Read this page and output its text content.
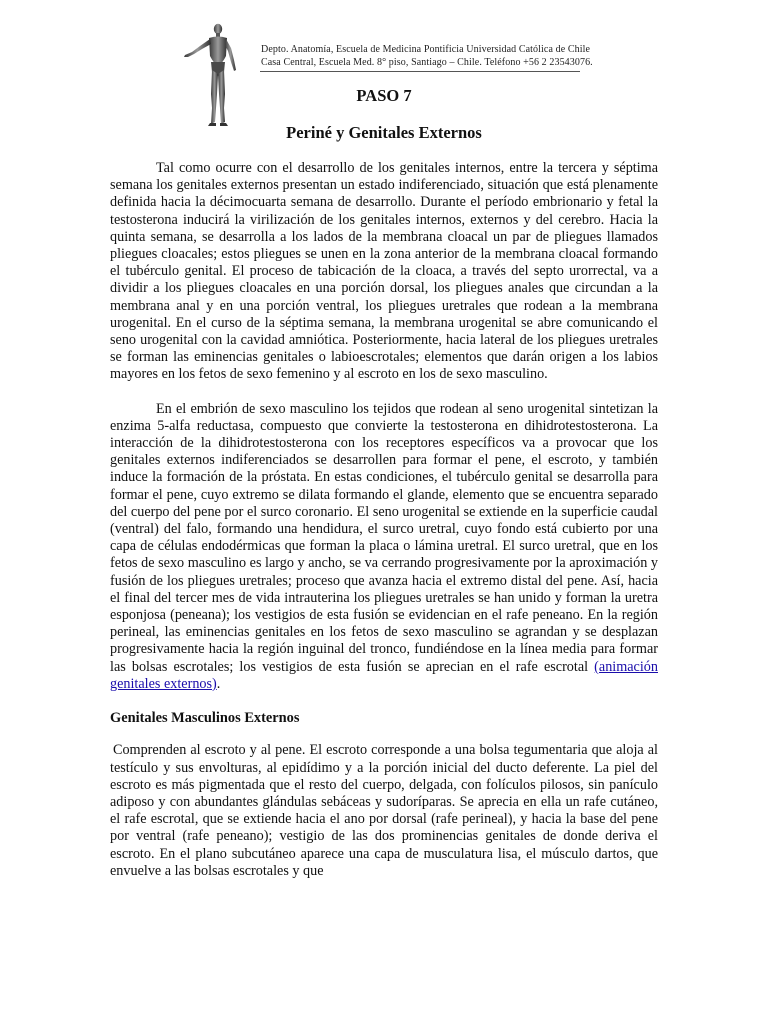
Depto. Anatomía, Escuela de Medicina Pontificia Universidad Católica de Chile
Casa Central, Escuela Med. 8° piso, Santiago – Chile. Teléfono +56 2 23543076.
PASO 7
Periné y Genitales Externos

Tal como ocurre con el desarrollo de los genitales internos, entre la tercera y séptima semana los genitales externos presentan un estado indiferenciado, situación que está plenamente definida hacia la décimocuarta semana de desarrollo. Durante el período embrionario y fetal la testosterona inducirá la virilización de los genitales internos, externos y del cerebro. Hacia la quinta semana, se desarrolla a los lados de la membrana cloacal un par de pliegues llamados pliegues cloacales; estos pliegues se unen en la zona anterior de la membrana cloacal formando el tubérculo genital. El proceso de tabicación de la cloaca, a través del septo urorrectal, va a dividir a los pliegues cloacales en una porción dorsal, los pliegues anales que circundan a la membrana anal y en una porción ventral, los pliegues uretrales que rodean a la membrana urogenital. En el curso de la séptima semana, la membrana urogenital se abre comunicando el seno urogenital con la cavidad amniótica. Posteriormente, hacia lateral de los pliegues uretrales se forman las eminencias genitales o labioescrotales; elementos que darán origen a los labios mayores en los fetos de sexo femenino y al escroto en los de sexo masculino.

En el embrión de sexo masculino los tejidos que rodean al seno urogenital sintetizan la enzima 5-alfa reductasa, compuesto que convierte la testosterona en dihidrotestosterona. La interacción de la dihidrotestosterona con los receptores específicos va a provocar que los genitales externos indiferenciados se desarrollen para formar el pene, el escroto, y también induce la formación de la próstata. En estas condiciones, el tubérculo genital se desarrolla para formar el pene, cuyo extremo se dilata formando el glande, elemento que se encuentra separado del cuerpo del pene por el surco coronario. El seno urogenital se extiende en la superficie caudal (ventral) del falo, formando una hendidura, el surco uretral, cuyo fondo está cubierto por una capa de células endodérmicas que forman la placa o lámina uretral. El surco uretral, que en los fetos de sexo masculino es largo y ancho, se va cerrando progresivamente por la aproximación y fusión de los pliegues uretrales; proceso que avanza hacia el extremo distal del pene. Así, hacia el final del tercer mes de vida intrauterina los pliegues uretrales se han unido y forman la uretra esponjosa (peneana); los vestigios de esta fusión se evidencian en el rafe peneano. En la región perineal, las eminencias genitales en los fetos de sexo masculino se agrandan y se desplazan progresivamente hacia la región inguinal del tronco, fundiéndose en la línea media para formar las bolsas escrotales; los vestigios de esta fusión se aprecian en el rafe escrotal (animación genitales externos).

Genitales Masculinos Externos

Comprenden al escroto y al pene. El escroto corresponde a una bolsa tegumentaria que aloja al testículo y sus envolturas, al epidídimo y a la porción inicial del ducto deferente. La piel del escroto es más pigmentada que el resto del cuerpo, delgada, con folículos pilosos, sin panículo adiposo y con abundantes glándulas sebáceas y sudoríparas. Se aprecia en ella un rafe cutáneo, el rafe escrotal, que se extiende hacia el ano por dorsal (rafe perineal), y hacia la base del pene por ventral (rafe peneano); vestigio de las dos prominencias genitales de donde deriva el escroto. En el plano subcutáneo aparece una capa de musculatura lisa, el músculo dartos, que envuelve a las bolsas escrotales y que
